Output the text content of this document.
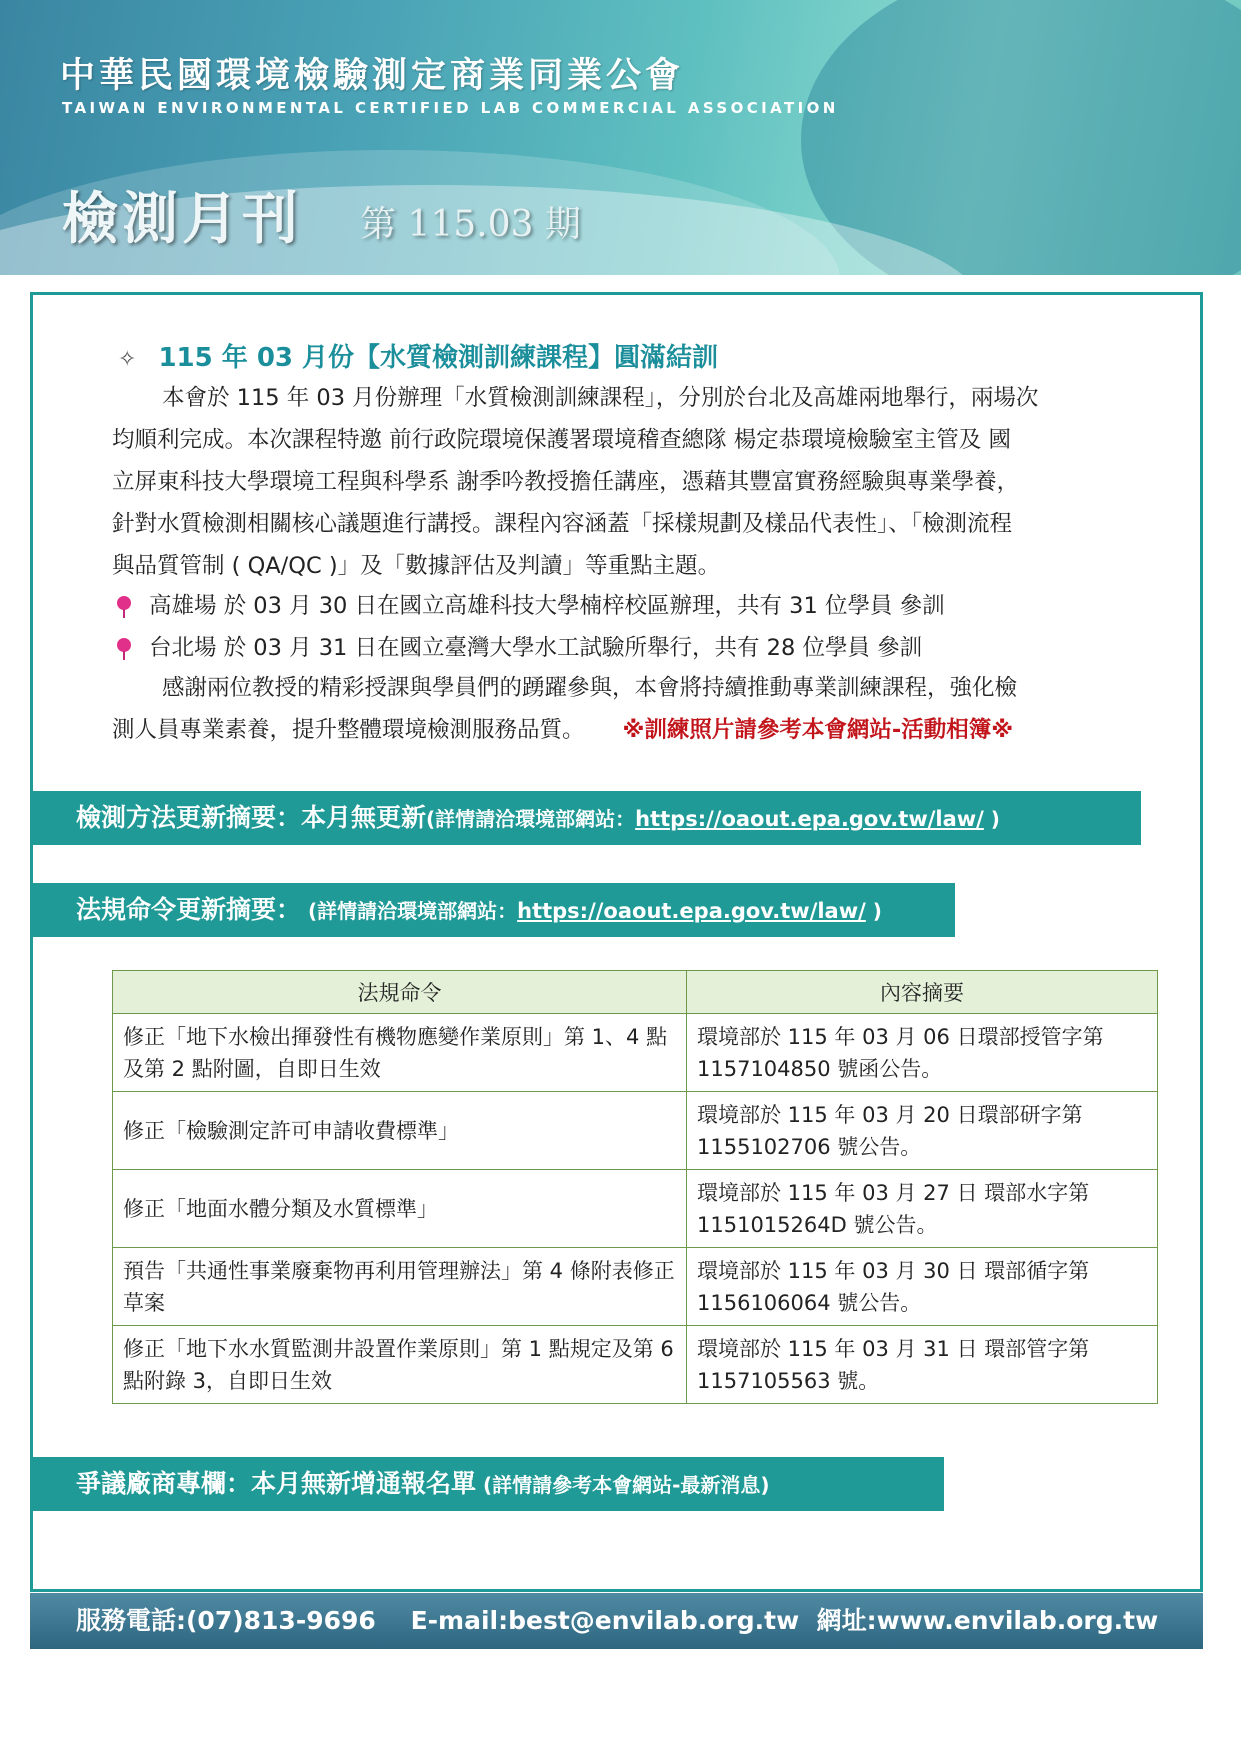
中華民國環境檢驗測定商業同業公會
TAIWAN ENVIRONMENTAL CERTIFIED LAB COMMERCIAL ASSOCIATION
檢測月刊 第 115.03 期
✧ 115 年 03 月份【水質檢測訓練課程】圓滿結訓
本會於 115 年 03 月份辦理「水質檢測訓練課程」，分別於台北及高雄兩地舉行，兩場次
均順利完成。本次課程特邀 前行政院環境保護署環境稽查總隊 楊定恭環境檢驗室主管及 國
立屏東科技大學環境工程與科學系 謝季吟教授擔任講座，憑藉其豐富實務經驗與專業學養，
針對水質檢測相關核心議題進行講授。課程內容涵蓋「採樣規劃及樣品代表性」、「檢測流程
與品質管制 ( QA/QC )」及「數據評估及判讀」等重點主題。
高雄場 於 03 月 30 日在國立高雄科技大學楠梓校區辦理，共有 31 位學員 參訓
台北場 於 03 月 31 日在國立臺灣大學水工試驗所舉行，共有 28 位學員 參訓
感謝兩位教授的精彩授課與學員們的踴躍參與，本會將持續推動專業訓練課程，強化檢
測人員專業素養，提升整體環境檢測服務品質。 ※訓練照片請參考本會網站-活動相簿※
檢測方法更新摘要：本月無更新(詳情請洽環境部網站：https://oaout.epa.gov.tw/law/ )
法規命令更新摘要： (詳情請洽環境部網站：https://oaout.epa.gov.tw/law/ )
法規命令	內容摘要
修正「地下水檢出揮發性有機物應變作業原則」第 1、4 點及第 2 點附圖，自即日生效	環境部於 115 年 03 月 06 日環部授管字第 1157104850 號函公告。
修正「檢驗測定許可申請收費標準」	環境部於 115 年 03 月 20 日環部研字第 1155102706 號公告。
修正「地面水體分類及水質標準」	環境部於 115 年 03 月 27 日 環部水字第 1151015264D 號公告。
預告「共通性事業廢棄物再利用管理辦法」第 4 條附表修正草案	環境部於 115 年 03 月 30 日 環部循字第 1156106064 號公告。
修正「地下水水質監測井設置作業原則」第 1 點規定及第 6 點附錄 3，自即日生效	環境部於 115 年 03 月 31 日 環部管字第 1157105563 號。
爭議廠商專欄：本月無新增通報名單 (詳情請參考本會網站-最新消息)
服務電話:(07)813-9696    E-mail:best@envilab.org.tw  網址:www.envilab.org.tw
